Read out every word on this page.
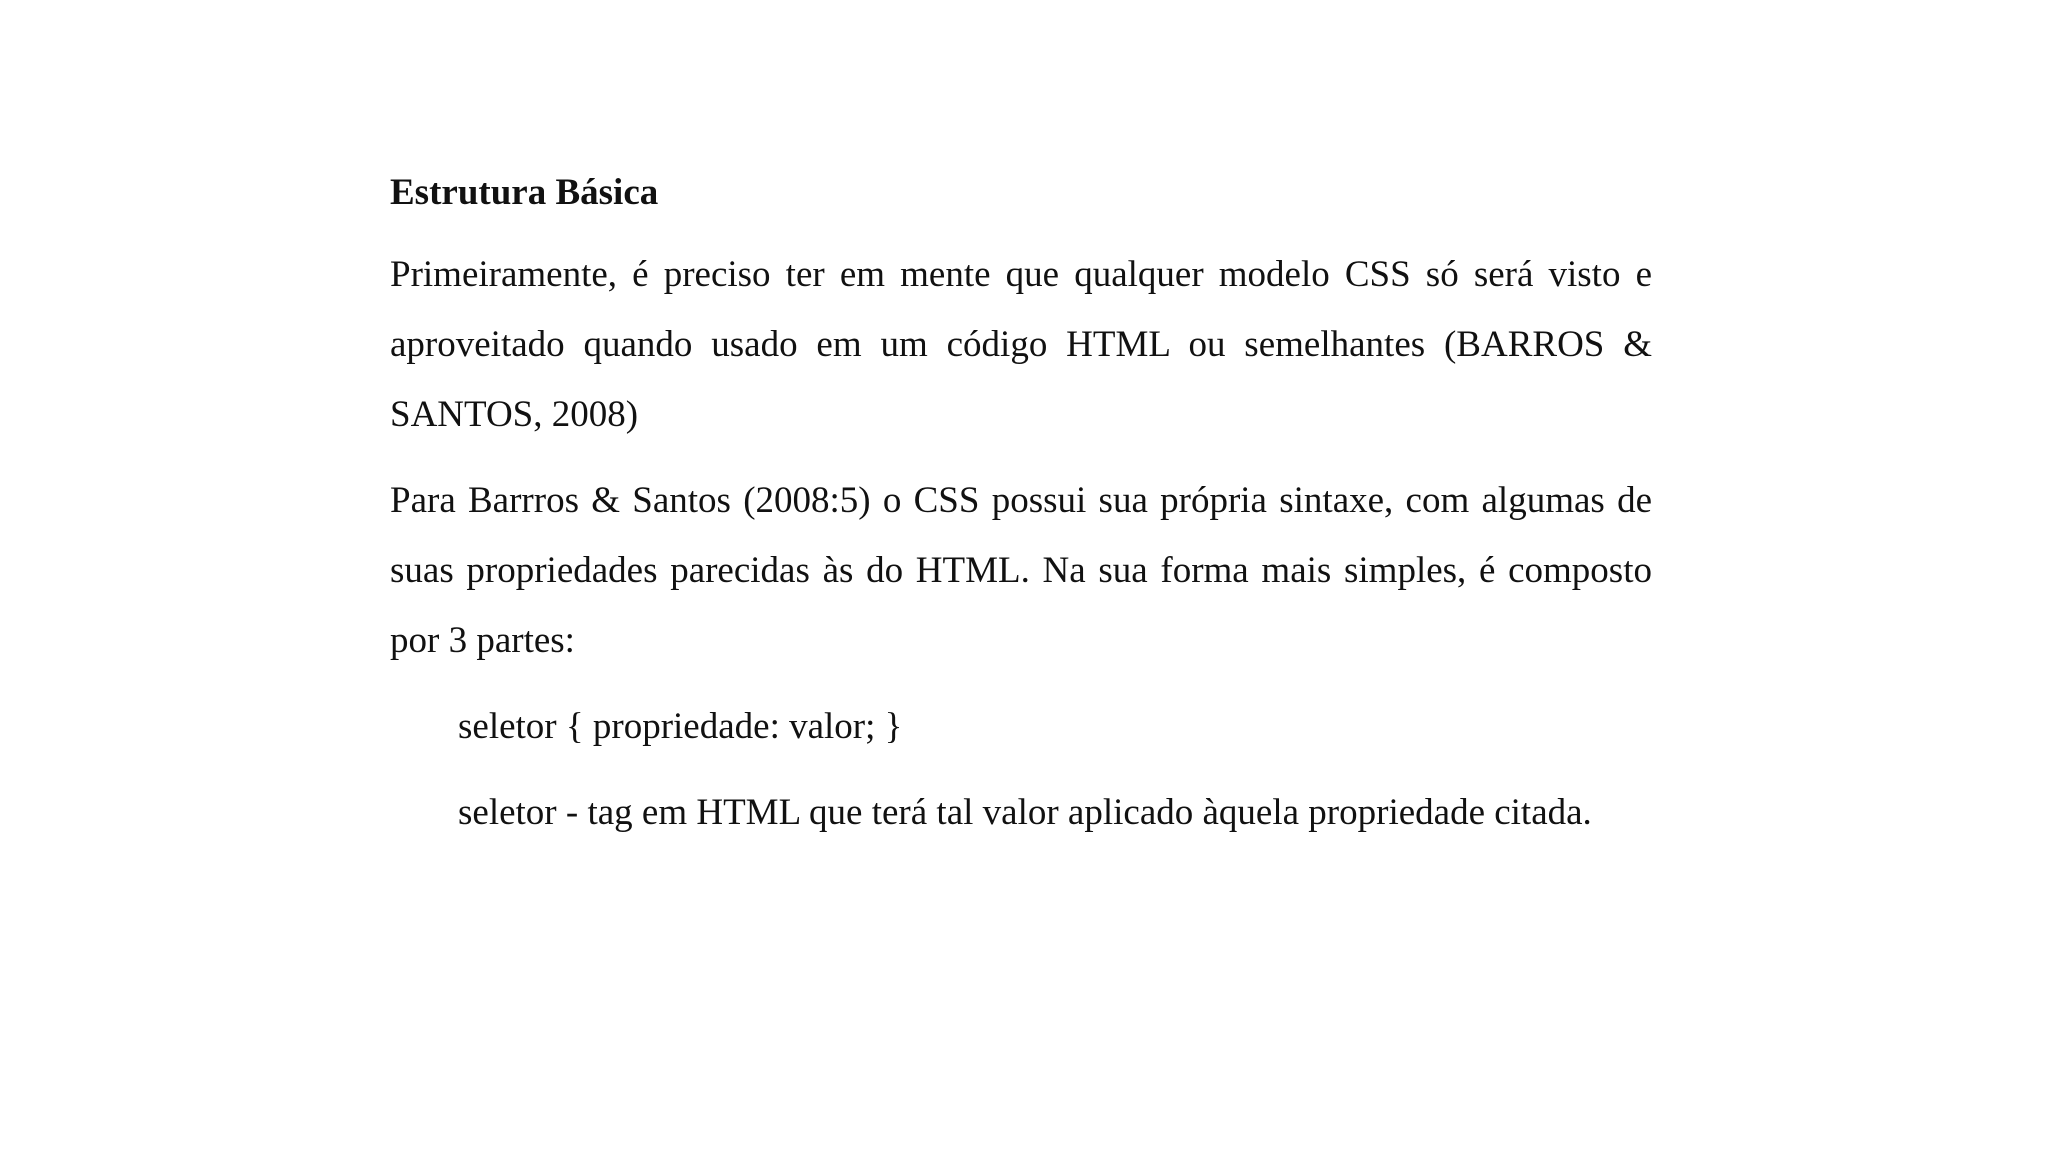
Estrutura Básica

Primeiramente, é preciso ter em mente que qualquer modelo CSS só será visto e aproveitado quando usado em um código HTML ou semelhantes (BARROS & SANTOS, 2008)

Para Barrros & Santos (2008:5) o CSS possui sua própria sintaxe, com algumas de suas propriedades parecidas às do HTML. Na sua forma mais simples, é composto por 3 partes:

seletor { propriedade: valor; }

seletor - tag em HTML que terá tal valor aplicado àquela propriedade citada.
